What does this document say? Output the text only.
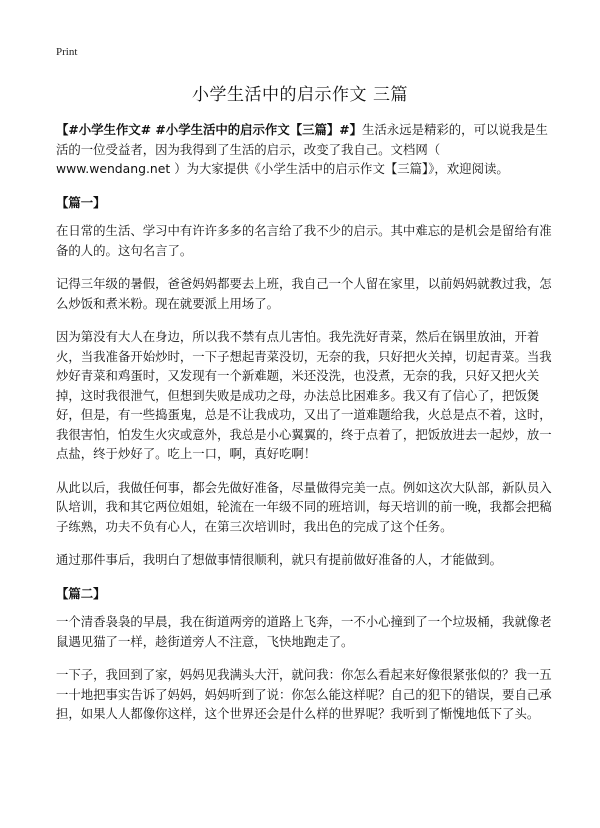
Print
小学生活中的启示作文 三篇

【#小学生作文# #小学生活中的启示作文【三篇】#】生活永远是精彩的，可以说我是生活的一位受益者，因为我得到了生活的启示，改变了我自己。文档网（ www.wendang.net ）为大家提供《小学生活中的启示作文【三篇】》，欢迎阅读。

【篇一】

在日常的生活、学习中有许许多多的名言给了我不少的启示。其中难忘的是机会是留给有准备的人的。这句名言了。

记得三年级的暑假，爸爸妈妈都要去上班，我自己一个人留在家里，以前妈妈就教过我，怎么炒饭和煮米粉。现在就要派上用场了。

因为第没有大人在身边，所以我不禁有点儿害怕。我先洗好青菜，然后在锅里放油，开着火，当我准备开始炒时，一下子想起青菜没切，无奈的我，只好把火关掉，切起青菜。当我炒好青菜和鸡蛋时，又发现有一个新难题，米还没洗，也没煮，无奈的我，只好又把火关掉，这时我很泄气，但想到失败是成功之母，办法总比困难多。我又有了信心了，把饭煲好，但是，有一些捣蛋鬼，总是不让我成功，又出了一道难题给我，火总是点不着，这时，我很害怕，怕发生火灾或意外，我总是小心翼翼的，终于点着了，把饭放进去一起炒，放一点盐，终于炒好了。吃上一口，啊，真好吃啊！

从此以后，我做任何事，都会先做好准备，尽量做得完美一点。例如这次大队部，新队员入队培训，我和其它两位姐姐，轮流在一年级不同的班培训，每天培训的前一晚，我都会把稿子练熟，功夫不负有心人，在第三次培训时，我出色的完成了这个任务。

通过那件事后，我明白了想做事情很顺利，就只有提前做好准备的人，才能做到。

【篇二】

一个清香袅袅的早晨，我在街道两旁的道路上飞奔，一不小心撞到了一个垃圾桶，我就像老鼠遇见猫了一样，趁街道旁人不注意，飞快地跑走了。

一下子，我回到了家，妈妈见我满头大汗，就问我：你怎么看起来好像很紧张似的？我一五一十地把事实告诉了妈妈，妈妈听到了说：你怎么能这样呢？自己的犯下的错误，要自己承担，如果人人都像你这样，这个世界还会是什么样的世界呢？我听到了惭愧地低下了头。
